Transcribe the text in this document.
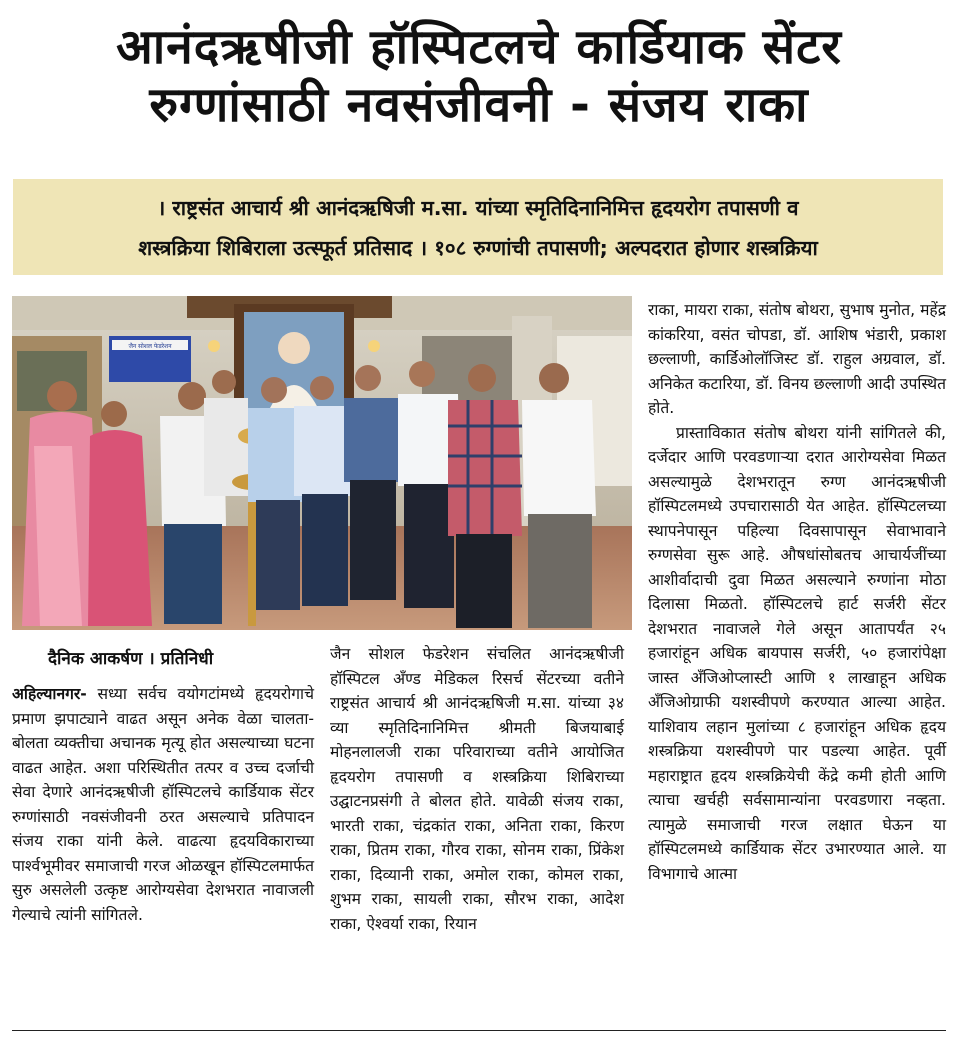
आनंदऋषीजी हॉस्पिटलचे कार्डियाक सेंटर
रुग्णांसाठी नवसंजीवनी - संजय राका
। राष्ट्रसंत आचार्य श्री आनंदऋषिजी म.सा. यांच्या स्मृतिदिनानिमित्त हृदयरोग तपासणी व
शस्त्रक्रिया शिबिराला उत्स्फूर्त प्रतिसाद । १०८ रुग्णांची तपासणी; अल्पदरात होणार शस्त्रक्रिया
जैन सोशल फेडरेशन
दैनिक आकर्षण । प्रतिनिधी

अहिल्यानगर- सध्या सर्वच वयोगटांमध्ये हृदयरोगाचे प्रमाण झपाट्याने वाढत असून अनेक वेळा चालता-बोलता व्यक्तीचा अचानक मृत्यू होत असल्याच्या घटना वाढत आहेत. अशा परिस्थितीत तत्पर व उच्च दर्जाची सेवा देणारे आनंदऋषीजी हॉस्पिटलचे कार्डियाक सेंटर रुग्णांसाठी नवसंजीवनी ठरत असल्याचे प्रतिपादन संजय राका यांनी केले. वाढत्या हृदयविकाराच्या पार्श्वभूमीवर समाजाची गरज ओळखून हॉस्पिटलमार्फत सुरु असलेली उत्कृष्ट आरोग्यसेवा देशभरात नावाजली गेल्याचे त्यांनी सांगितले.

जैन सोशल फेडरेशन संचलित आनंदऋषीजी हॉस्पिटल अँण्ड मेडिकल रिसर्च सेंटरच्या वतीने राष्ट्रसंत आचार्य श्री आनंदऋषिजी म.सा. यांच्या ३४ व्या स्मृतिदिनानिमित्त श्रीमती बिजयाबाई मोहनलालजी राका परिवाराच्या वतीने आयोजित हृदयरोग तपासणी व शस्त्रक्रिया शिबिराच्या उद्घाटनप्रसंगी ते बोलत होते. यावेळी संजय राका, भारती राका, चंद्रकांत राका, अनिता राका, किरण राका, प्रितम राका, गौरव राका, सोनम राका, प्रिंकेश राका, दिव्यानी राका, अमोल राका, कोमल राका, शुभम राका, सायली राका, सौरभ राका, आदेश राका, ऐश्वर्या राका, रियान

राका, मायरा राका, संतोष बोथरा, सुभाष मुनोत, महेंद्र कांकरिया, वसंत चोपडा, डॉ. आशिष भंडारी, प्रकाश छल्लाणी, कार्डिओलॉजिस्ट डॉ. राहुल अग्रवाल, डॉ. अनिकेत कटारिया, डॉ. विनय छल्लाणी आदी उपस्थित होते.

प्रास्ताविकात संतोष बोथरा यांनी सांगितले की, दर्जेदार आणि परवडणाऱ्या दरात आरोग्यसेवा मिळत असल्यामुळे देशभरातून रुग्ण आनंदऋषीजी हॉस्पिटलमध्ये उपचारासाठी येत आहेत. हॉस्पिटलच्या स्थापनेपासून पहिल्या दिवसापासून सेवाभावाने रुग्णसेवा सुरू आहे. औषधांसोबतच आचार्यजींच्या आशीर्वादाची दुवा मिळत असल्याने रुग्णांना मोठा दिलासा मिळतो. हॉस्पिटलचे हार्ट सर्जरी सेंटर देशभरात नावाजले गेले असून आतापर्यंत २५ हजारांहून अधिक बायपास सर्जरी, ५० हजारांपेक्षा जास्त अँजिओप्लास्टी आणि १ लाखाहून अधिक अँजिओग्राफी यशस्वीपणे करण्यात आल्या आहेत. याशिवाय लहान मुलांच्या ८ हजारांहून अधिक हृदय शस्त्रक्रिया यशस्वीपणे पार पडल्या आहेत. पूर्वी महाराष्ट्रात हृदय शस्त्रक्रियेची केंद्रे कमी होती आणि त्याचा खर्चही सर्वसामान्यांना परवडणारा नव्हता. त्यामुळे समाजाची गरज लक्षात घेऊन या हॉस्पिटलमध्ये कार्डियाक सेंटर उभारण्यात आले. या विभागाचे आत्मा
